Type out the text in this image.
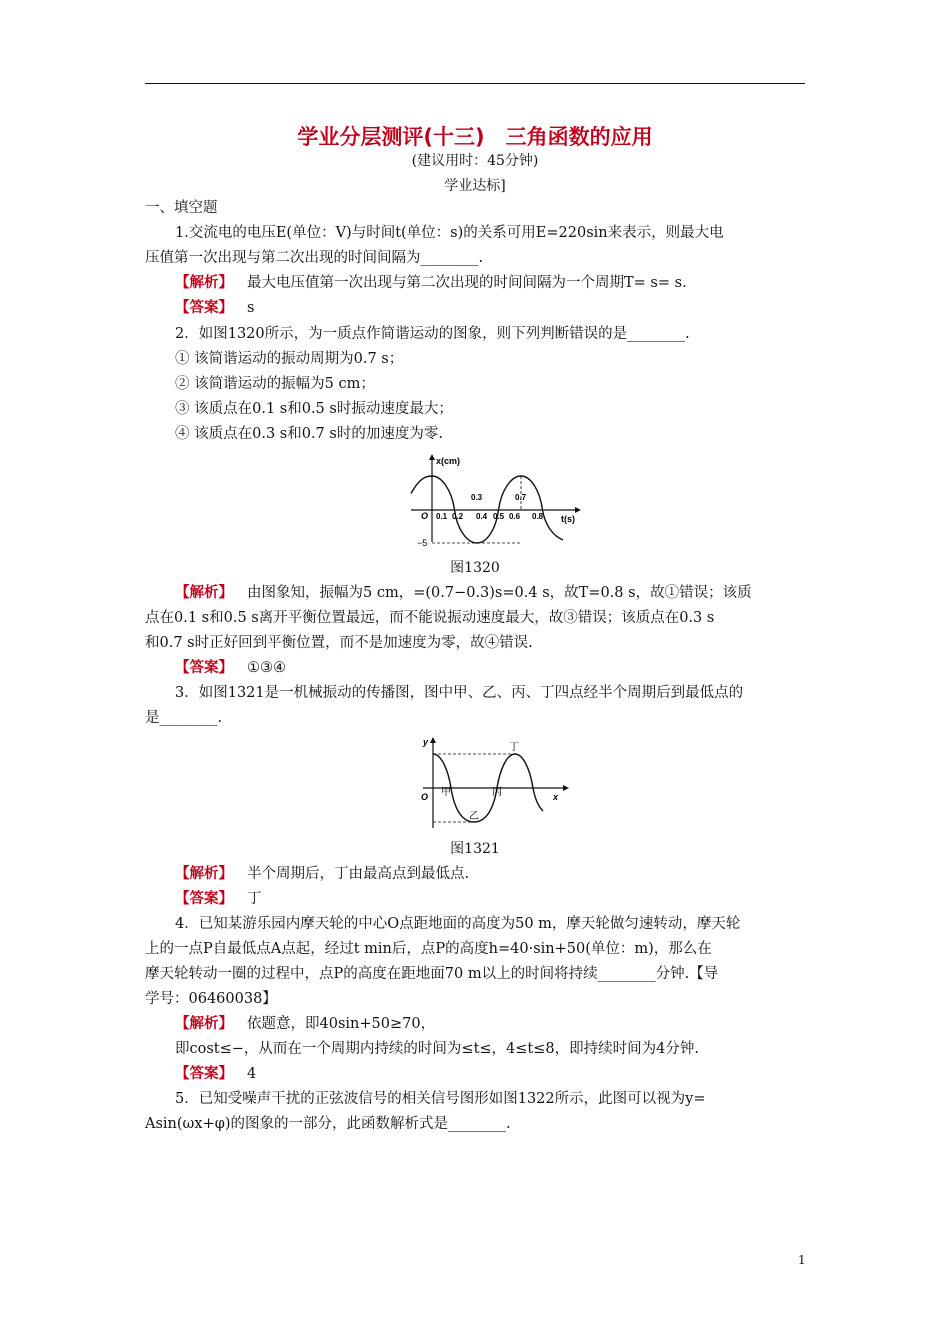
学业分层测评(十三)　三角函数的应用
(建议用时：45分钟)
学业达标]
一、填空题
1.交流电的电压E(单位：V)与时间t(单位：s)的关系可用E=220sin来表示，则最大电
压值第一次出现与第二次出现的时间间隔为________.
【解析】 最大电压值第一次出现与第二次出现的时间间隔为一个周期T= s= s.
【答案】 s
2．如图1320所示，为一质点作简谐运动的图象，则下列判断错误的是________.
① 该简谐运动的振动周期为0.7 s；
② 该简谐运动的振幅为5 cm；
③ 该质点在0.1 s和0.5 s时振动速度最大；
④ 该质点在0.3 s和0.7 s时的加速度为零.
x(cm)
O
−5
0.3	0.7
0.1 0.2 0.4 0.5 0.6 0.8 t(s)
图1320
【解析】 由图象知，振幅为5 cm，=(0.7−0.3)s=0.4 s，故T=0.8 s，故①错误；该质
点在0.1 s和0.5 s离开平衡位置最远，而不能说振动速度最大，故③错误；该质点在0.3 s
和0.7 s时正好回到平衡位置，而不是加速度为零，故④错误.
【答案】 ①③④
3．如图1321是一机械振动的传播图，图中甲、乙、丙、丁四点经半个周期后到最低点的
是________.
y
x
O 甲
乙
丙
丁
图1321
【解析】 半个周期后，丁由最高点到最低点.
【答案】 丁
4．已知某游乐园内摩天轮的中心O点距地面的高度为50 m，摩天轮做匀速转动，摩天轮
上的一点P自最低点A点起，经过t min后，点P的高度h=40·sin+50(单位：m)，那么在
摩天轮转动一圈的过程中，点P的高度在距地面70 m以上的时间将持续________分钟.【导
学号：06460038】
【解析】 依题意，即40sin+50≥70，
即cost≤−，从而在一个周期内持续的时间为≤t≤，4≤t≤8，即持续时间为4分钟.
【答案】 4
5．已知受噪声干扰的正弦波信号的相关信号图形如图1322所示，此图可以视为y=
Asin(ωx+φ)的图象的一部分，此函数解析式是________.
1
